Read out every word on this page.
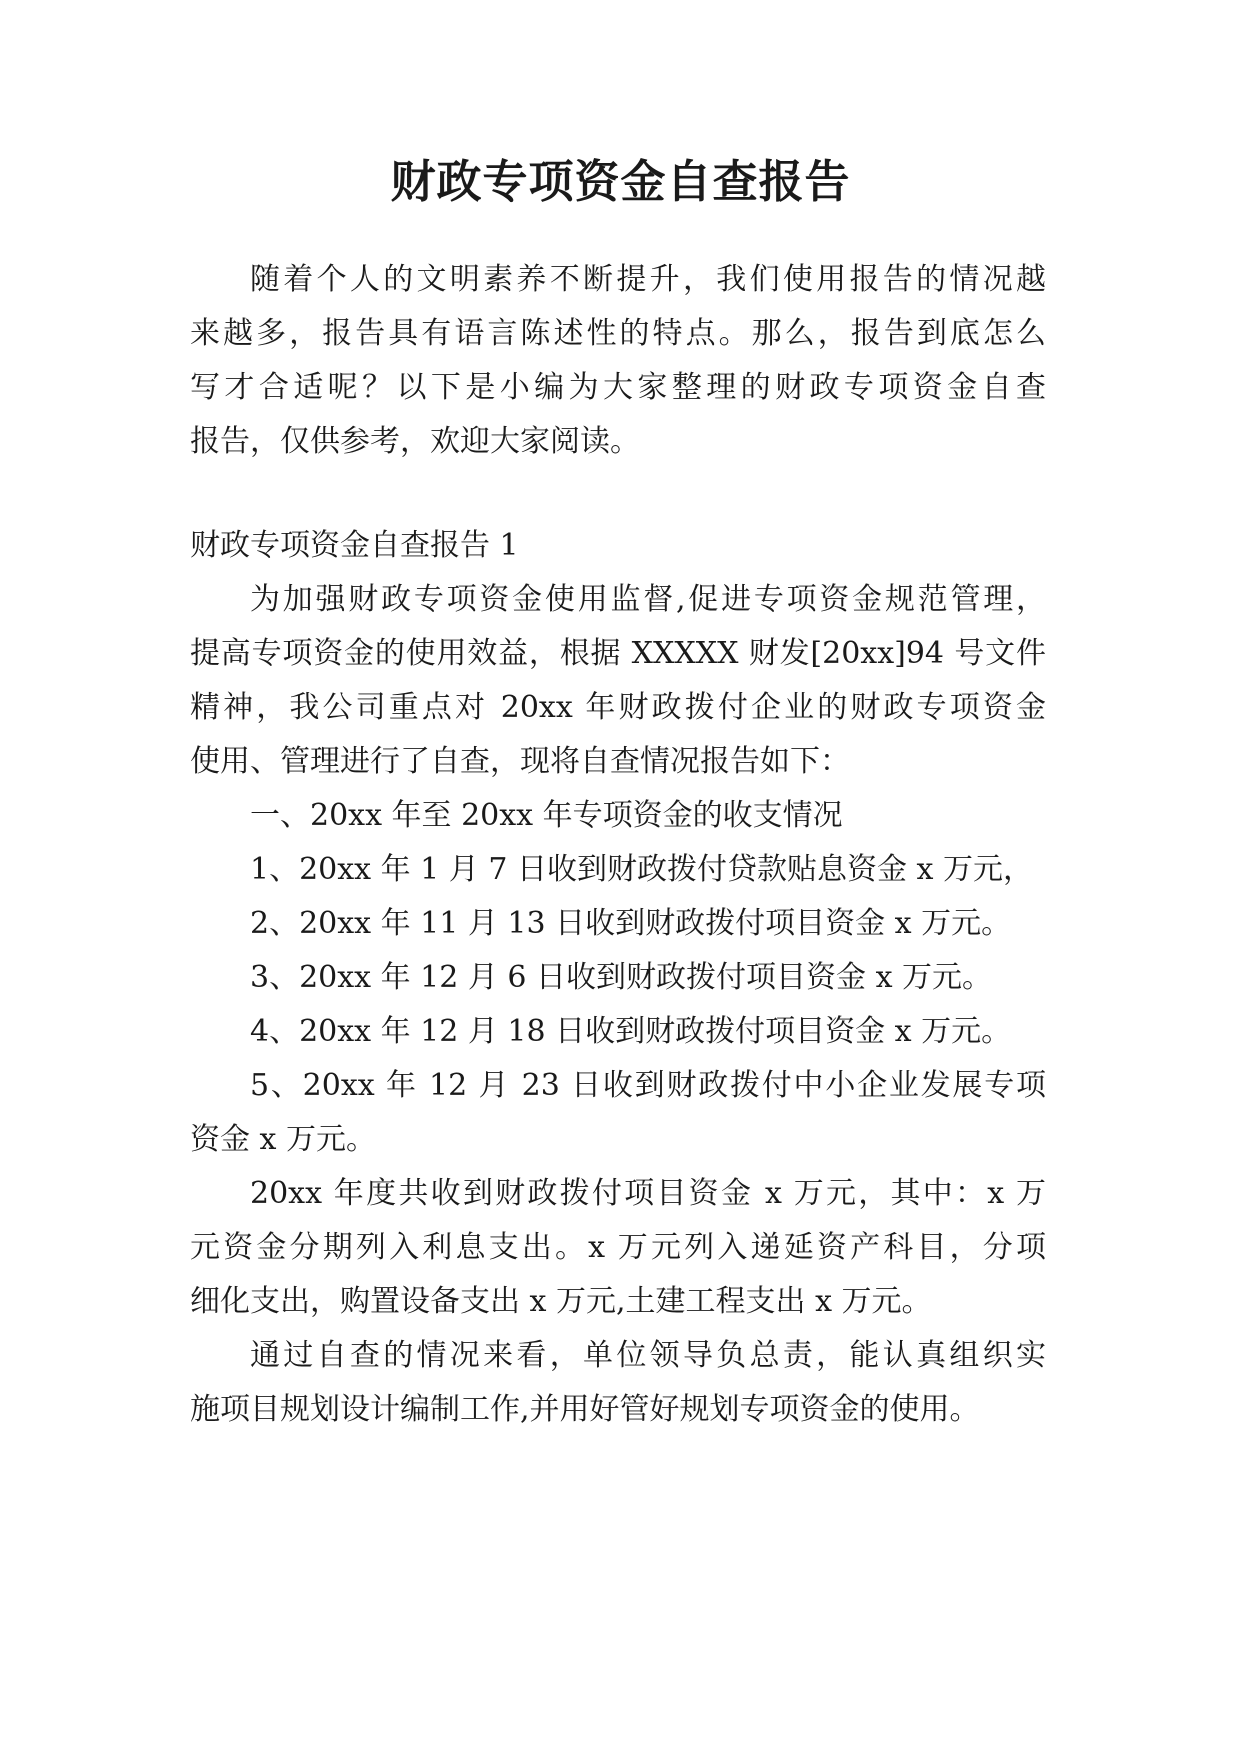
财政专项资金自查报告

随着个人的文明素养不断提升，我们使用报告的情况越

来越多，报告具有语言陈述性的特点。那么，报告到底怎么

写才合适呢？以下是小编为大家整理的财政专项资金自查

报告，仅供参考，欢迎大家阅读。

财政专项资金自查报告 1

为加强财政专项资金使用监督,促进专项资金规范管理，

提高专项资金的使用效益，根据 XXXXX 财发[20xx]94 号文件

精神，我公司重点对 20xx 年财政拨付企业的财政专项资金

使用、管理进行了自查，现将自查情况报告如下：

一、20xx 年至 20xx 年专项资金的收支情况

1、20xx 年 1 月 7 日收到财政拨付贷款贴息资金 x 万元，

2、20xx 年 11 月 13 日收到财政拨付项目资金 x 万元。

3、20xx 年 12 月 6 日收到财政拨付项目资金 x 万元。

4、20xx 年 12 月 18 日收到财政拨付项目资金 x 万元。

5、20xx 年 12 月 23 日收到财政拨付中小企业发展专项

资金 x 万元。

20xx 年度共收到财政拨付项目资金 x 万元，其中：x 万

元资金分期列入利息支出。x 万元列入递延资产科目，分项

细化支出，购置设备支出 x 万元,土建工程支出 x 万元。

通过自查的情况来看，单位领导负总责，能认真组织实

施项目规划设计编制工作,并用好管好规划专项资金的使用。
